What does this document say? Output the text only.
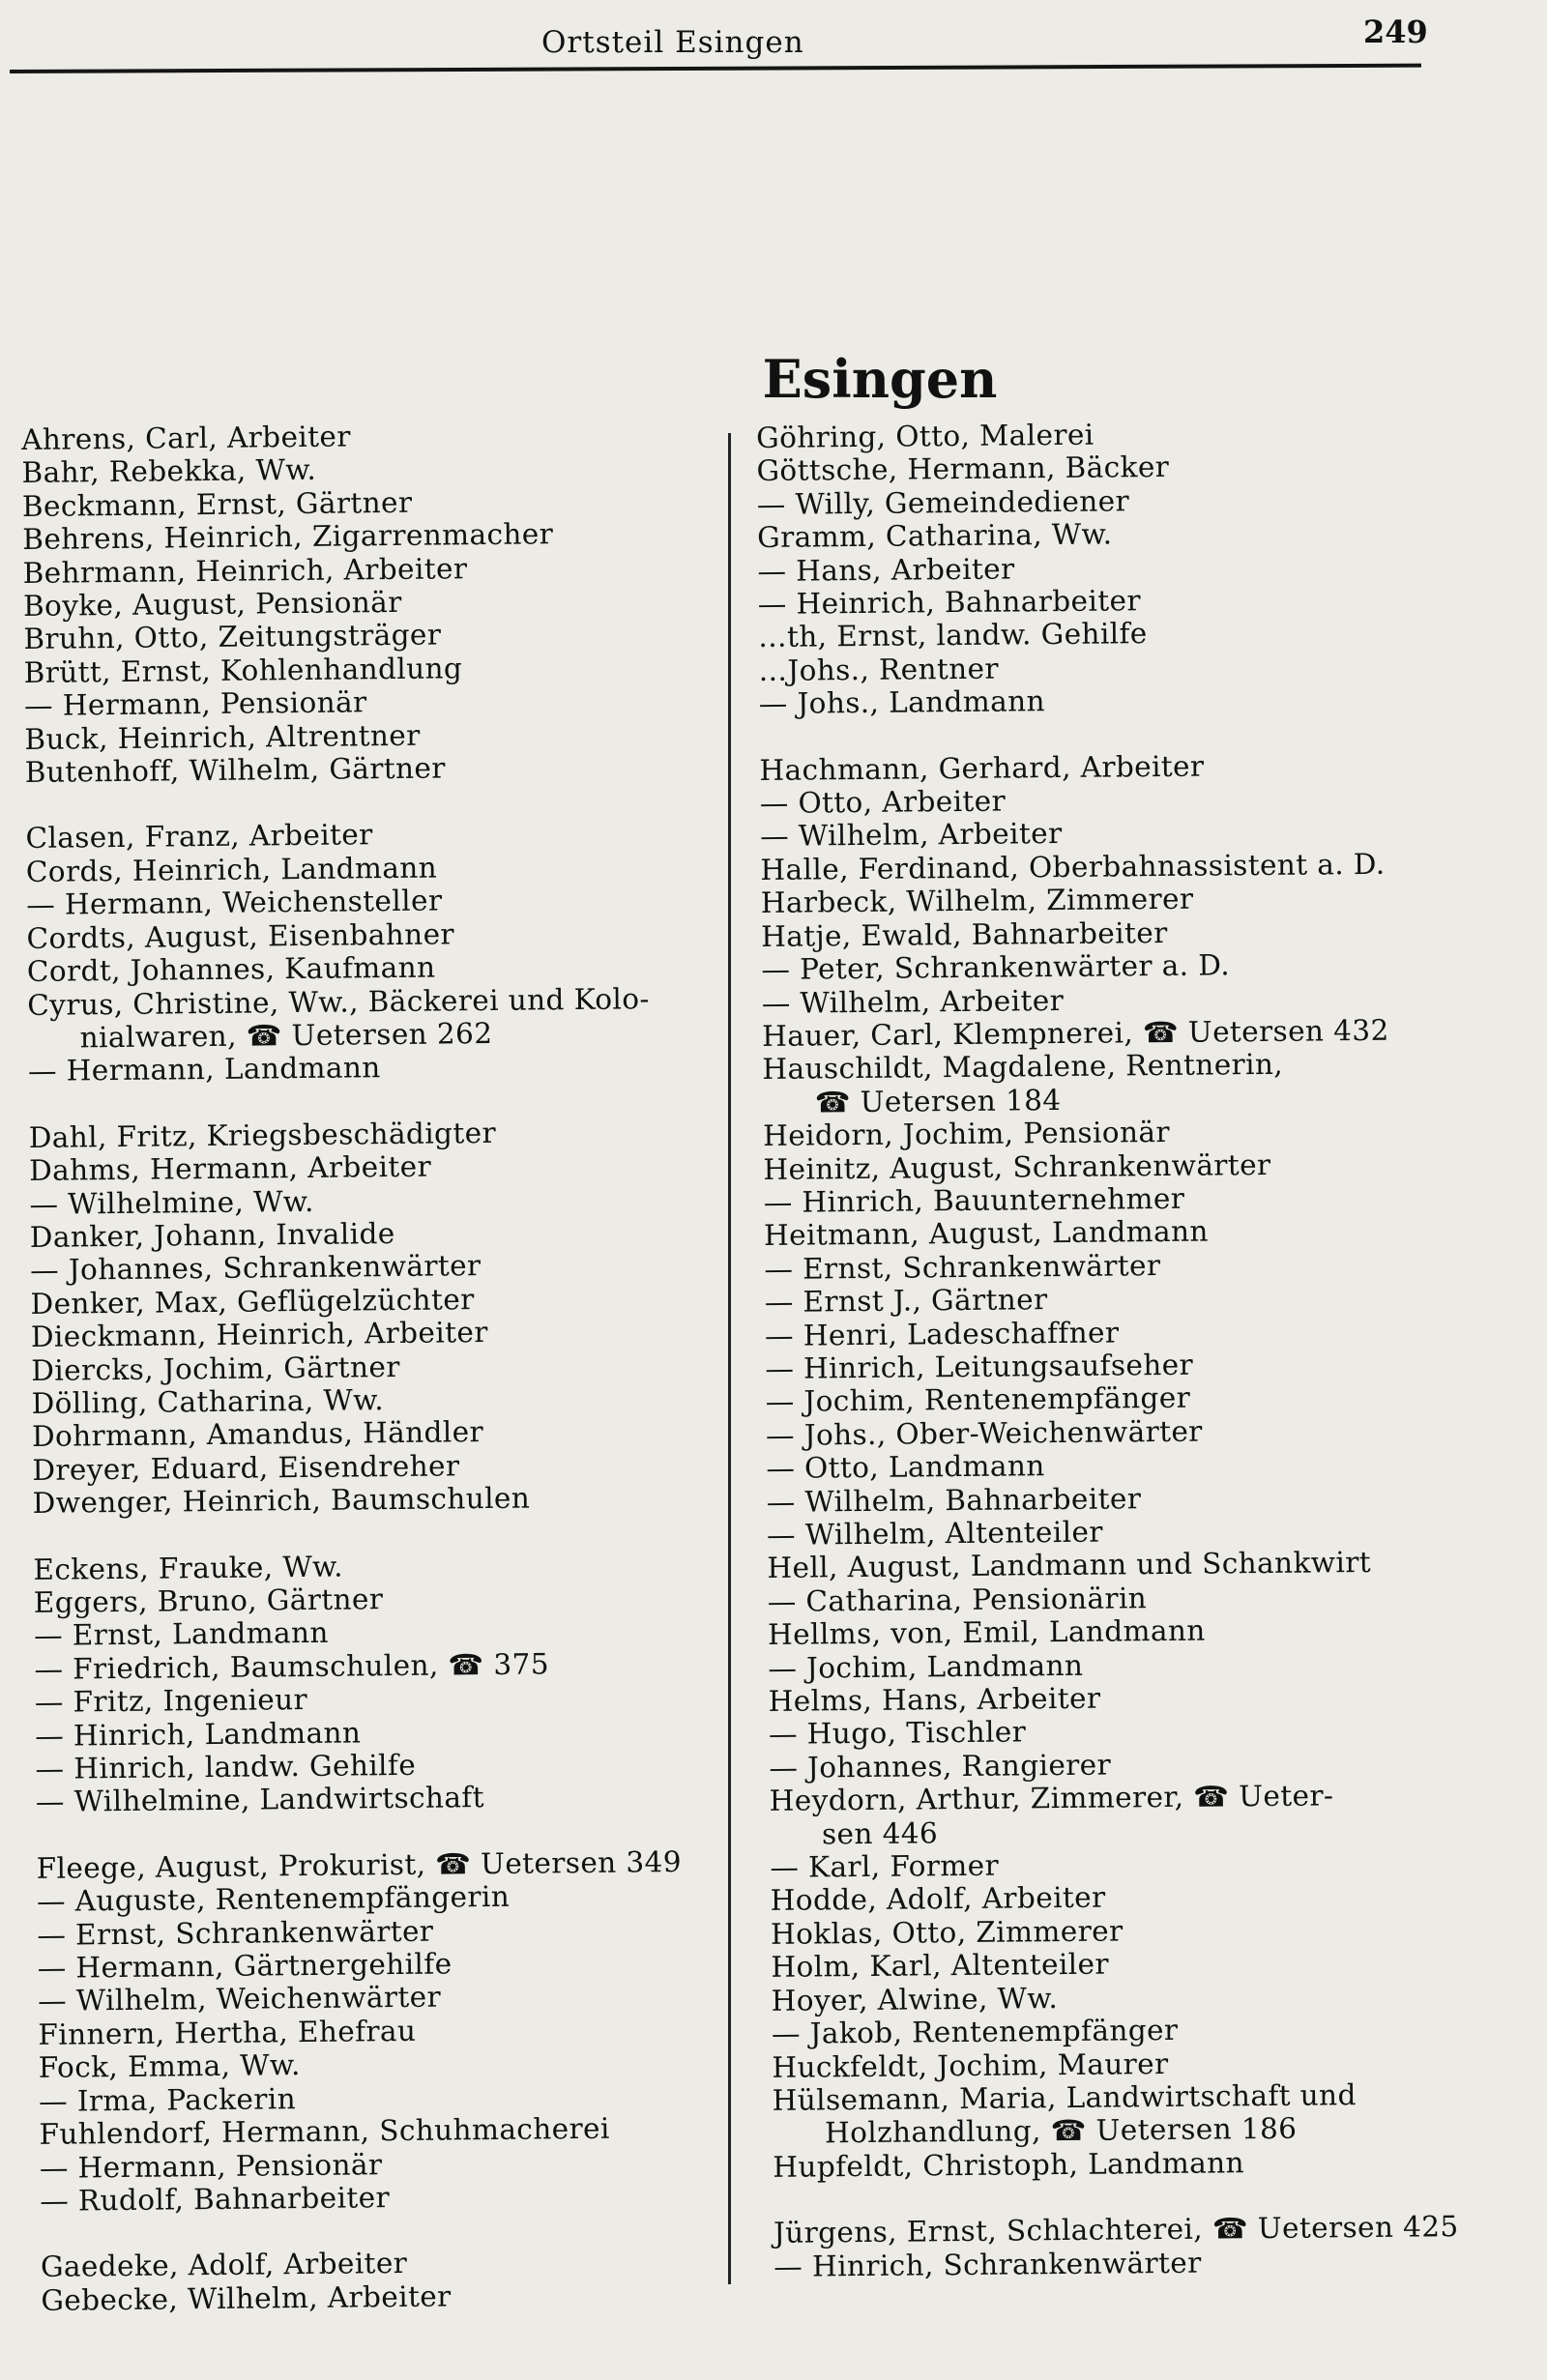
Ortsteil Esingen	249
Esingen
Ahrens, Carl, Arbeiter
Bahr, Rebekka, Ww.
Beckmann, Ernst, Gärtner
Behrens, Heinrich, Zigarrenmacher
Behrmann, Heinrich, Arbeiter
Boyke, August, Pensionär
Bruhn, Otto, Zeitungsträger
Brütt, Ernst, Kohlenhandlung
— Hermann, Pensionär
Buck, Heinrich, Altrentner
Butenhoff, Wilhelm, Gärtner
Clasen, Franz, Arbeiter
Cords, Heinrich, Landmann
— Hermann, Weichensteller
Cordts, August, Eisenbahner
Cordt, Johannes, Kaufmann
Cyrus, Christine, Ww., Bäckerei und Kolo-
nialwaren, ☎ Uetersen 262
— Hermann, Landmann
Dahl, Fritz, Kriegsbeschädigter
Dahms, Hermann, Arbeiter
— Wilhelmine, Ww.
Danker, Johann, Invalide
— Johannes, Schrankenwärter
Denker, Max, Geflügelzüchter
Dieckmann, Heinrich, Arbeiter
Diercks, Jochim, Gärtner
Dölling, Catharina, Ww.
Dohrmann, Amandus, Händler
Dreyer, Eduard, Eisendreher
Dwenger, Heinrich, Baumschulen
Eckens, Frauke, Ww.
Eggers, Bruno, Gärtner
— Ernst, Landmann
— Friedrich, Baumschulen, ☎ 375
— Fritz, Ingenieur
— Hinrich, Landmann
— Hinrich, landw. Gehilfe
— Wilhelmine, Landwirtschaft
Fleege, August, Prokurist, ☎ Uetersen 349
— Auguste, Rentenempfängerin
— Ernst, Schrankenwärter
— Hermann, Gärtnergehilfe
— Wilhelm, Weichenwärter
Finnern, Hertha, Ehefrau
Fock, Emma, Ww.
— Irma, Packerin
Fuhlendorf, Hermann, Schuhmacherei
— Hermann, Pensionär
— Rudolf, Bahnarbeiter
Gaedeke, Adolf, Arbeiter
Gebecke, Wilhelm, Arbeiter
Göhring, Otto, Malerei
Göttsche, Hermann, Bäcker
— Willy, Gemeindediener
Gramm, Catharina, Ww.
— Hans, Arbeiter
— Heinrich, Bahnarbeiter
…th, Ernst, landw. Gehilfe
…Johs., Rentner
— Johs., Landmann
Hachmann, Gerhard, Arbeiter
— Otto, Arbeiter
— Wilhelm, Arbeiter
Halle, Ferdinand, Oberbahnassistent a. D.
Harbeck, Wilhelm, Zimmerer
Hatje, Ewald, Bahnarbeiter
— Peter, Schrankenwärter a. D.
— Wilhelm, Arbeiter
Hauer, Carl, Klempnerei, ☎ Uetersen 432
Hauschildt, Magdalene, Rentnerin,
☎ Uetersen 184
Heidorn, Jochim, Pensionär
Heinitz, August, Schrankenwärter
— Hinrich, Bauunternehmer
Heitmann, August, Landmann
— Ernst, Schrankenwärter
— Ernst J., Gärtner
— Henri, Ladeschaffner
— Hinrich, Leitungsaufseher
— Jochim, Rentenempfänger
— Johs., Ober-Weichenwärter
— Otto, Landmann
— Wilhelm, Bahnarbeiter
— Wilhelm, Altenteiler
Hell, August, Landmann und Schankwirt
— Catharina, Pensionärin
Hellms, von, Emil, Landmann
— Jochim, Landmann
Helms, Hans, Arbeiter
— Hugo, Tischler
— Johannes, Rangierer
Heydorn, Arthur, Zimmerer, ☎ Ueter-
sen 446
— Karl, Former
Hodde, Adolf, Arbeiter
Hoklas, Otto, Zimmerer
Holm, Karl, Altenteiler
Hoyer, Alwine, Ww.
— Jakob, Rentenempfänger
Huckfeldt, Jochim, Maurer
Hülsemann, Maria, Landwirtschaft und
Holzhandlung, ☎ Uetersen 186
Hupfeldt, Christoph, Landmann
Jürgens, Ernst, Schlachterei, ☎ Uetersen 425
— Hinrich, Schrankenwärter
